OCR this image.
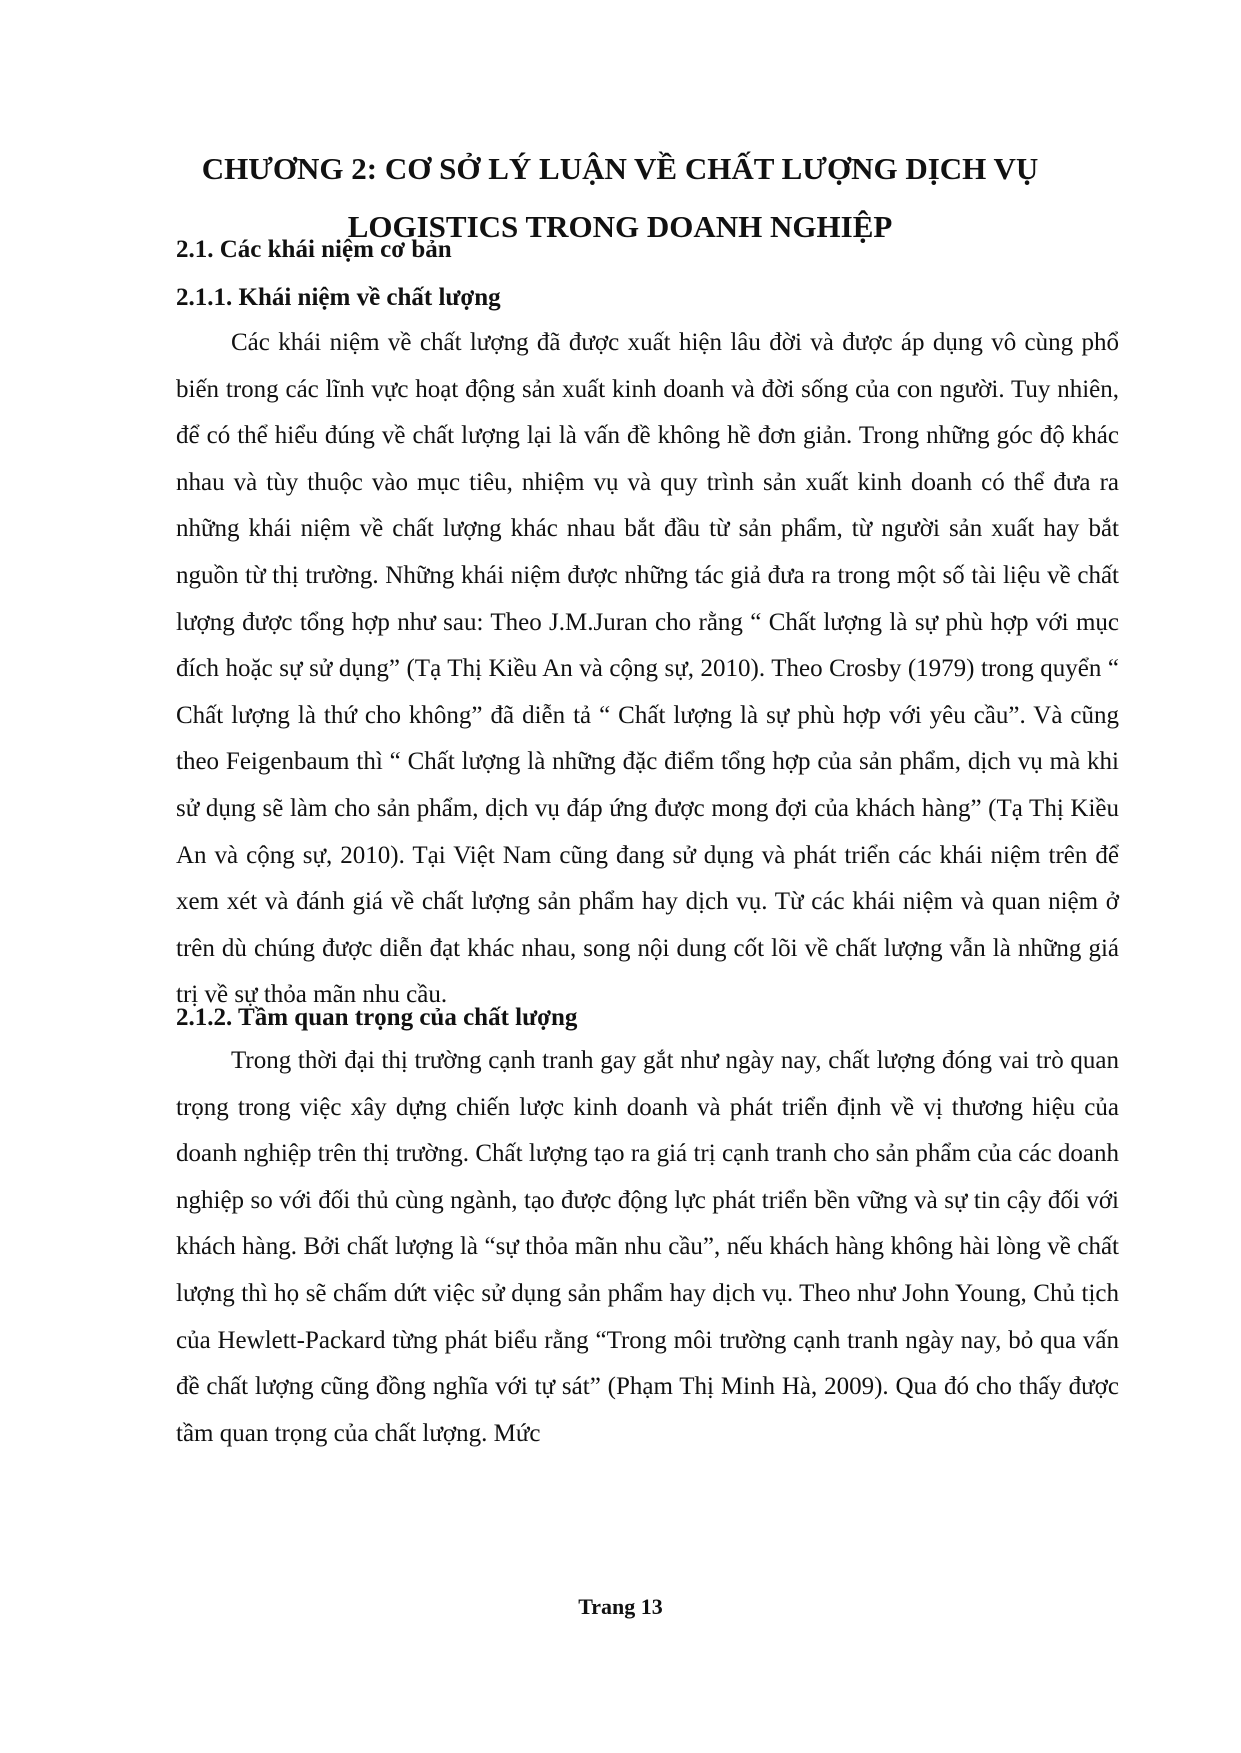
CHƯƠNG 2: CƠ SỞ LÝ LUẬN VỀ CHẤT LƯỢNG DỊCH VỤ
LOGISTICS TRONG DOANH NGHIỆP
2.1. Các khái niệm cơ bản
2.1.1. Khái niệm về chất lượng

Các khái niệm về chất lượng đã được xuất hiện lâu đời và được áp dụng vô cùng phổ biến trong các lĩnh vực hoạt động sản xuất kinh doanh và đời sống của con người. Tuy nhiên, để có thể hiểu đúng về chất lượng lại là vấn đề không hề đơn giản. Trong những góc độ khác nhau và tùy thuộc vào mục tiêu, nhiệm vụ và quy trình sản xuất kinh doanh có thể đưa ra những khái niệm về chất lượng khác nhau bắt đầu từ sản phẩm, từ người sản xuất hay bắt nguồn từ thị trường. Những khái niệm được những tác giả đưa ra trong một số tài liệu về chất lượng được tổng hợp như sau: Theo J.M.Juran cho rằng “ Chất lượng là sự phù hợp với mục đích hoặc sự sử dụng” (Tạ Thị Kiều An và cộng sự, 2010). Theo Crosby (1979) trong quyển “ Chất lượng là thứ cho không” đã diễn tả “ Chất lượng là sự phù hợp với yêu cầu”. Và cũng theo Feigenbaum thì “ Chất lượng là những đặc điểm tổng hợp của sản phẩm, dịch vụ mà khi sử dụng sẽ làm cho sản phẩm, dịch vụ đáp ứng được mong đợi của khách hàng” (Tạ Thị Kiều An và cộng sự, 2010). Tại Việt Nam cũng đang sử dụng và phát triển các khái niệm trên để xem xét và đánh giá về chất lượng sản phẩm hay dịch vụ. Từ các khái niệm và quan niệm ở trên dù chúng được diễn đạt khác nhau, song nội dung cốt lõi về chất lượng vẫn là những giá trị về sự thỏa mãn nhu cầu.

2.1.2. Tầm quan trọng của chất lượng

Trong thời đại thị trường cạnh tranh gay gắt như ngày nay, chất lượng đóng vai trò quan trọng trong việc xây dựng chiến lược kinh doanh và phát triển định về vị thương hiệu của doanh nghiệp trên thị trường. Chất lượng tạo ra giá trị cạnh tranh cho sản phẩm của các doanh nghiệp so với đối thủ cùng ngành, tạo được động lực phát triển bền vững và sự tin cậy đối với khách hàng. Bởi chất lượng là “sự thỏa mãn nhu cầu”, nếu khách hàng không hài lòng về chất lượng thì họ sẽ chấm dứt việc sử dụng sản phẩm hay dịch vụ. Theo như John Young, Chủ tịch của Hewlett-Packard từng phát biểu rằng “Trong môi trường cạnh tranh ngày nay, bỏ qua vấn đề chất lượng cũng đồng nghĩa với tự sát” (Phạm Thị Minh Hà, 2009). Qua đó cho thấy được tầm quan trọng của chất lượng. Mức

Trang 13
